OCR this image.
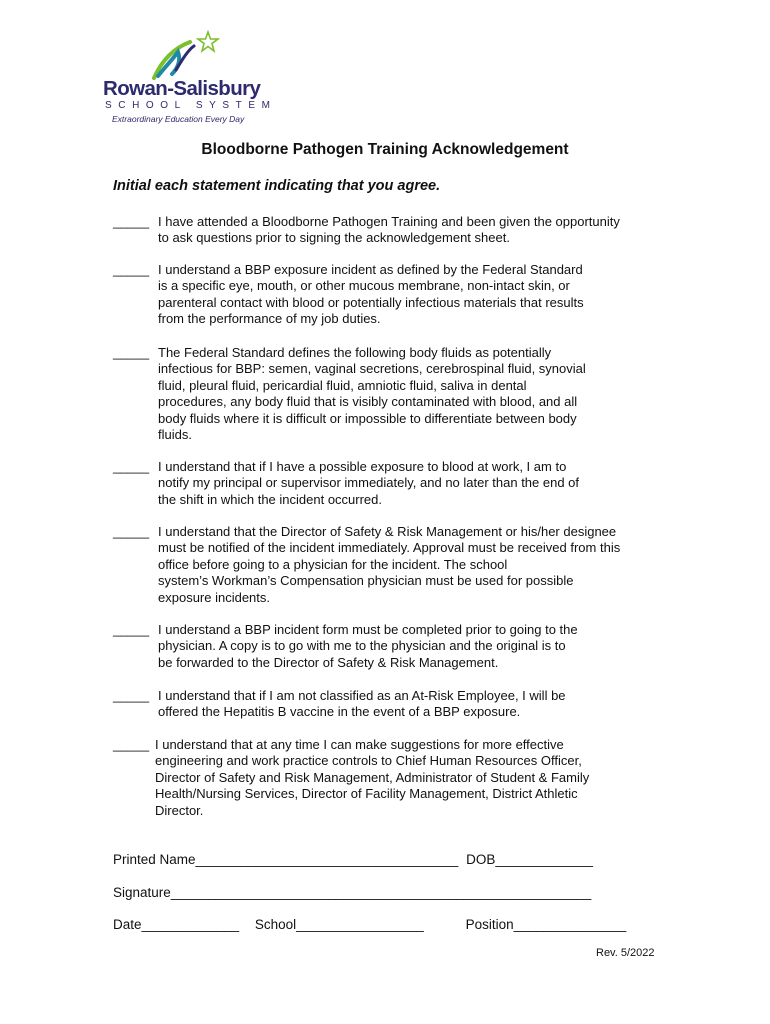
Rowan-Salisbury
SCHOOL SYSTEM
Extraordinary Education Every Day
Bloodborne Pathogen Training Acknowledgement
Initial each statement indicating that you agree.
_____ I have attended a Bloodborne Pathogen Training and been given the opportunity
to ask questions prior to signing the acknowledgement sheet.
_____ I understand a BBP exposure incident as defined by the Federal Standard
is a specific eye, mouth, or other mucous membrane, non-intact skin, or
parenteral contact with blood or potentially infectious materials that results
from the performance of my job duties.
_____ The Federal Standard defines the following body fluids as potentially
infectious for BBP: semen, vaginal secretions, cerebrospinal fluid, synovial
fluid, pleural fluid, pericardial fluid, amniotic fluid, saliva in dental
procedures, any body fluid that is visibly contaminated with blood, and all
body fluids where it is difficult or impossible to differentiate between body
fluids.
_____ I understand that if I have a possible exposure to blood at work, I am to
notify my principal or supervisor immediately, and no later than the end of
the shift in which the incident occurred.
_____ I understand that the Director of Safety & Risk Management or his/her designee
must be notified of the incident immediately. Approval must be received from this
office before going to a physician for the incident. The school
system’s Workman’s Compensation physician must be used for possible
exposure incidents.
_____ I understand a BBP incident form must be completed prior to going to the
physician. A copy is to go with me to the physician and the original is to
be forwarded to the Director of Safety & Risk Management.
_____ I understand that if I am not classified as an At-Risk Employee, I will be
offered the Hepatitis B vaccine in the event of a BBP exposure.
_____ I understand that at any time I can make suggestions for more effective
engineering and work practice controls to Chief Human Resources Officer,
Director of Safety and Risk Management, Administrator of Student & Family
Health/Nursing Services, Director of Facility Management, District Athletic
Director.
Printed Name___________________________________ DOB_____________
Signature________________________________________________________
Date_____________ School_________________	Position_______________
Rev. 5/2022
